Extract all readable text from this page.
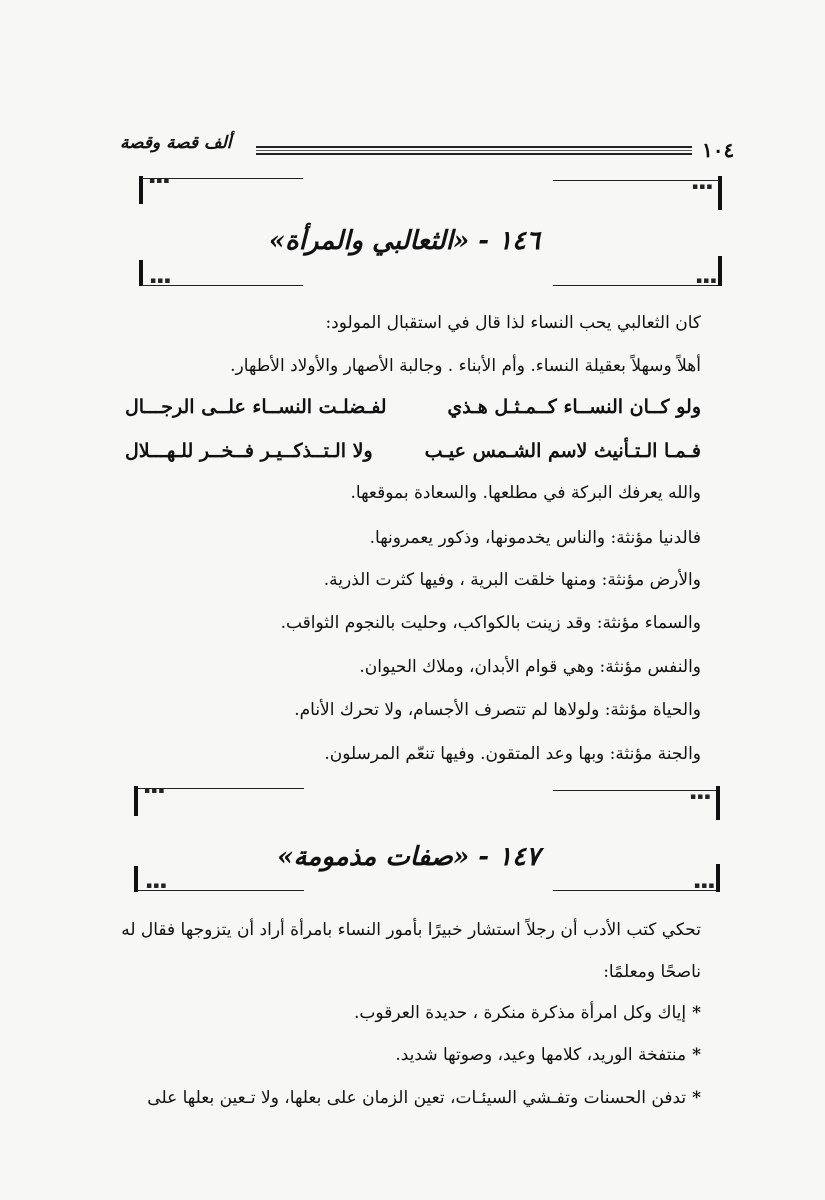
ألف قصة وقصة	١٠٤
▪▪▪
▪▪▪
▪▪▪	▪▪▪
١٤٦ - «الثعالبي والمرأة»
كان الثعالبي يحب النساء لذا قال في استقبال المولود:
أهلاً وسهلاً بعقيلة النساء. وأم الأبناء . وجالبة الأصهار والأولاد الأطهار.
ولو كــان النســاء كــمـثـل هـذي
لفـضلـت النســاء علــى الرجـــال
فـمـا الـتـأنيث لاسم الشـمس عيـب
ولا الـتــذكــيـر فــخــر للـهـــلال
والله يعرفك البركة في مطلعها. والسعادة بموقعها.
فالدنيا مؤنثة: والناس يخدمونها، وذكور يعمرونها.
والأرض مؤنثة: ومنها خلقت البرية ، وفيها كثرت الذرية.
والسماء مؤنثة: وقد زينت بالكواكب، وحليت بالنجوم الثواقب.
والنفس مؤنثة: وهي قوام الأبدان، وملاك الحيوان.
والحياة مؤنثة: ولولاها لم تتصرف الأجسام، ولا تحرك الأنام.
والجنة مؤنثة: وبها وعد المتقون. وفيها تنعّم المرسلون.
▪▪▪
▪▪▪
▪▪▪	▪▪▪
١٤٧ - «صفات مذمومة»
تحكي كتب الأدب أن رجلاً استشار خبيرًا بأمور النساء بامرأة أراد أن يتزوجها فقال له
ناصحًا ومعلمًا:
*إياك وكل امرأة مذكرة منكرة ، حديدة العرقوب.
*منتفخة الوريد، كلامها وعيد، وصوتها شديد.
*تدفن الحسنات وتفـشي السيئـات، تعين الزمان على بعلها، ولا تـعين بعلها على
